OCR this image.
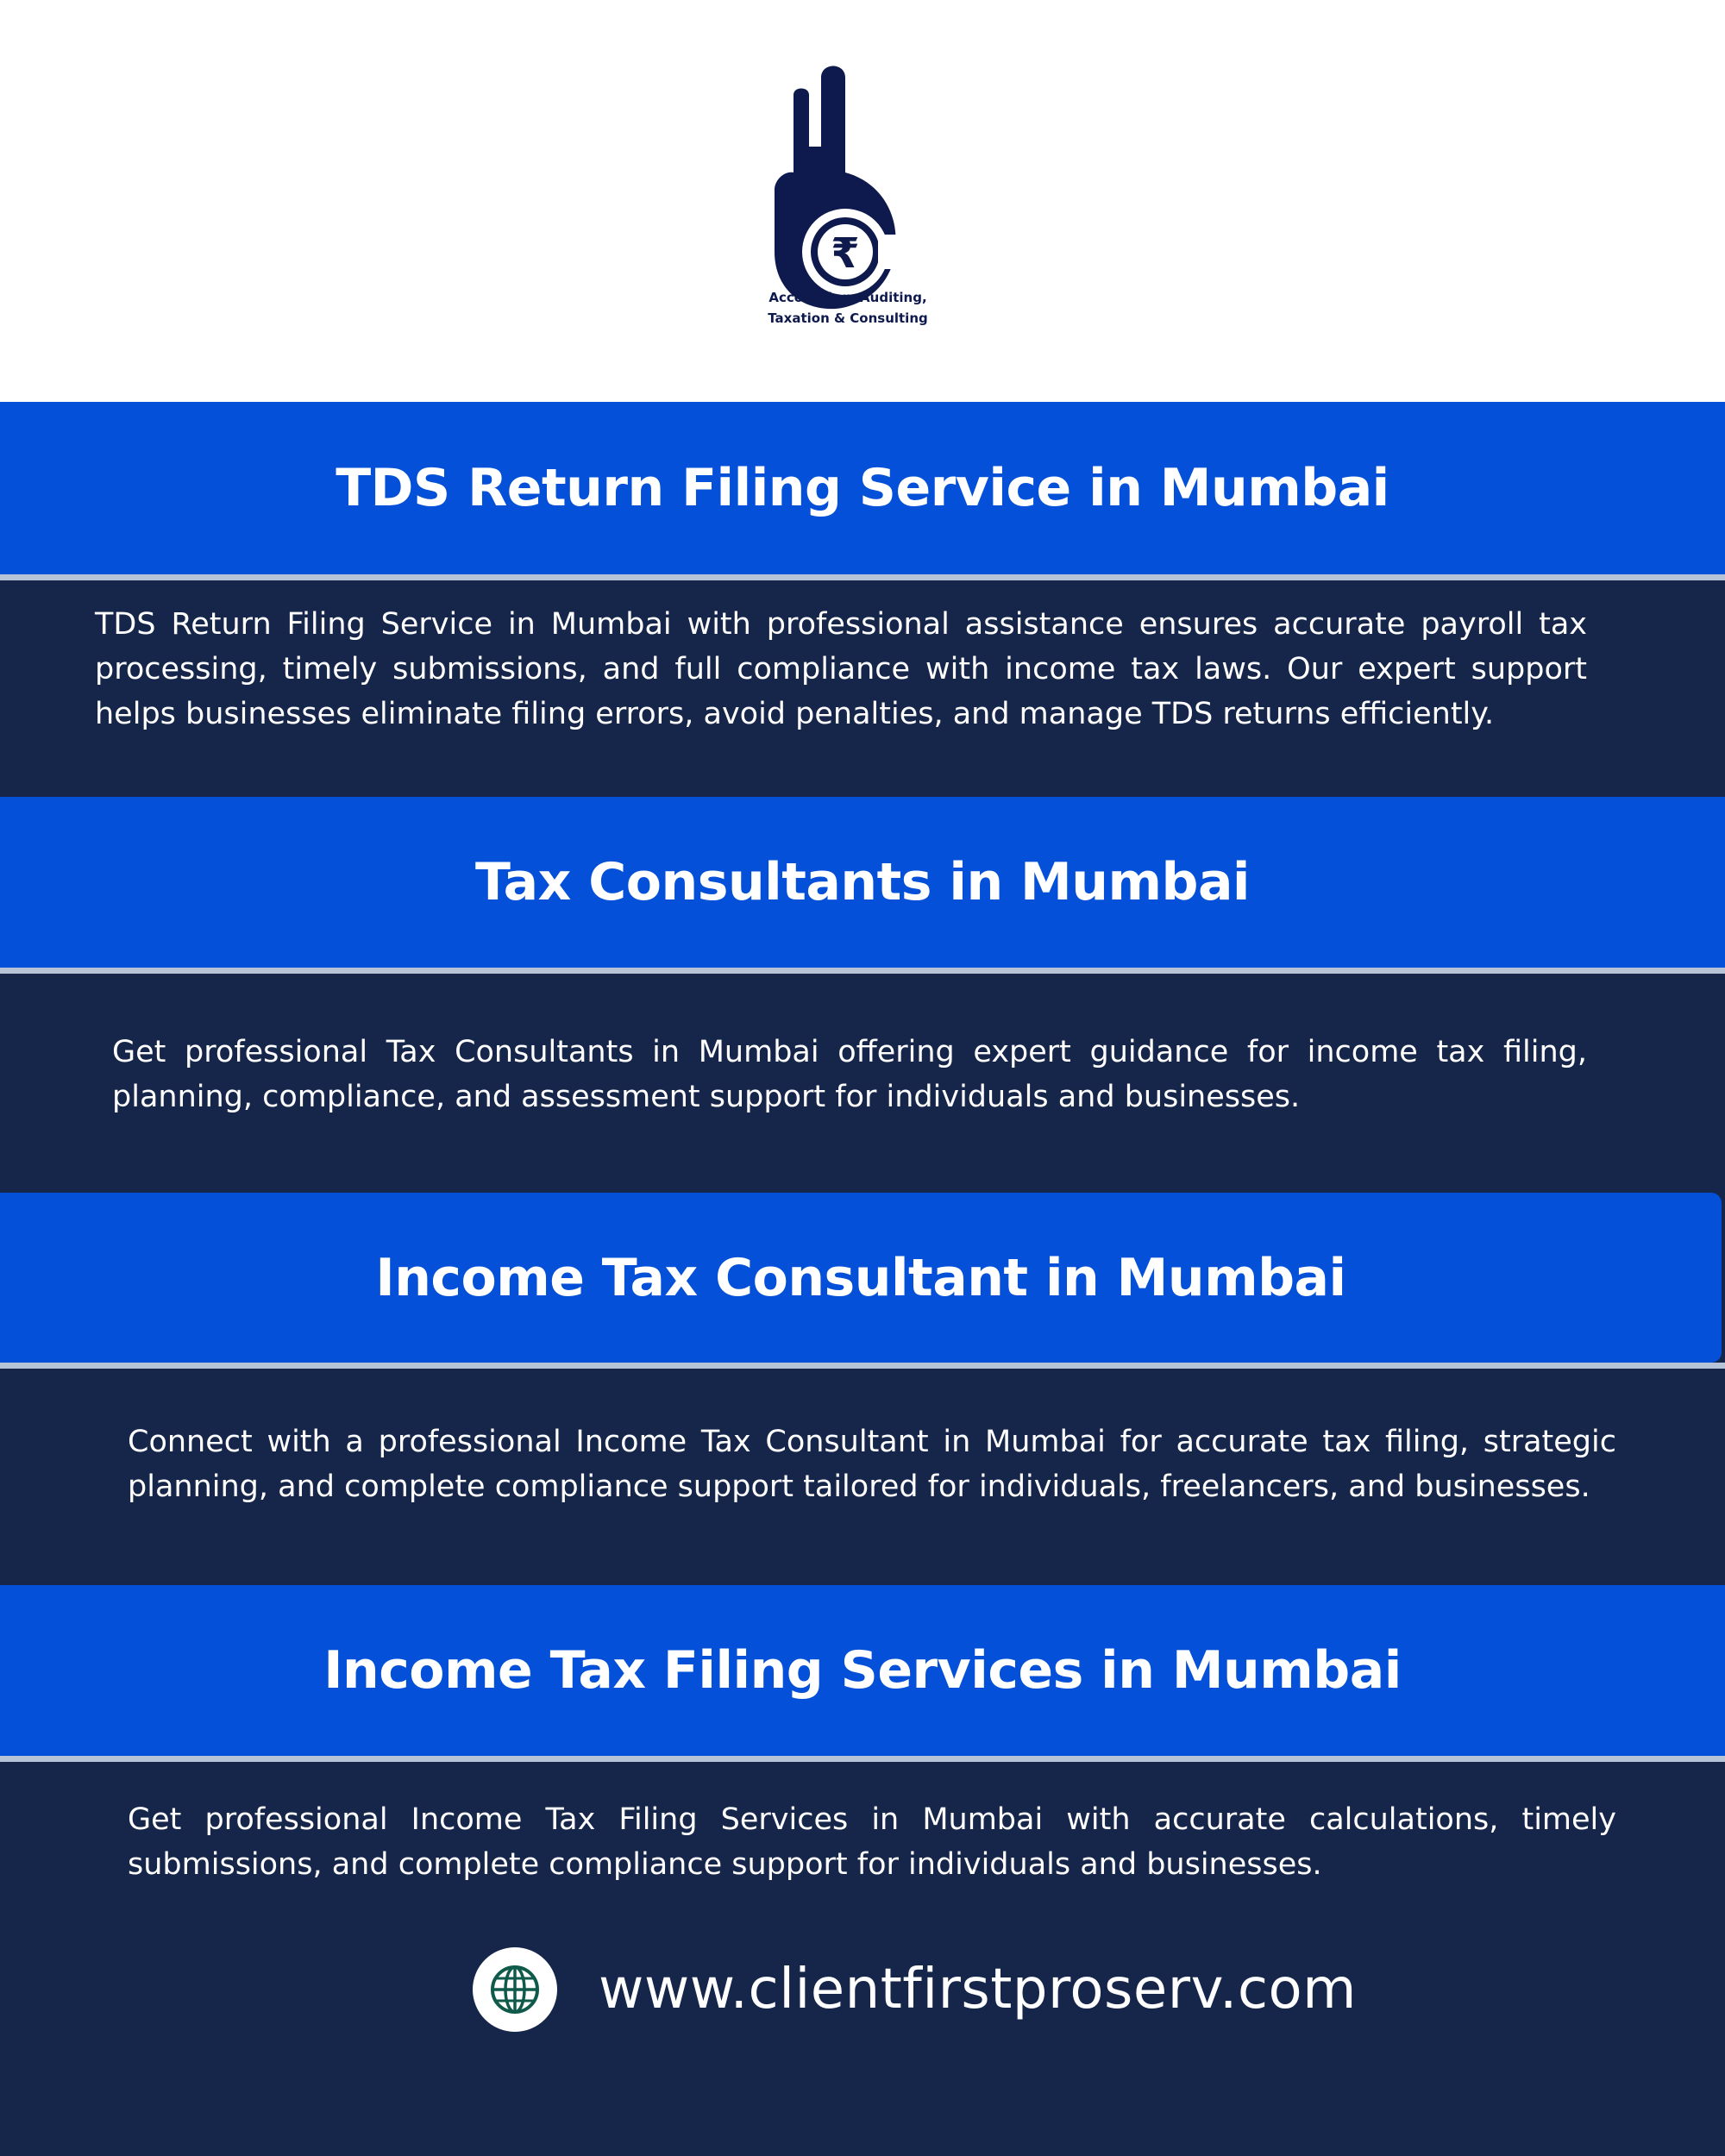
₹
Accounting, Auditing,
Taxation & Consulting
TDS Return Filing Service in Mumbai

TDS Return Filing Service in Mumbai with professional assistance ensures accurate payroll tax processing, timely submissions, and full compliance with income tax laws. Our expert support helps businesses eliminate filing errors, avoid penalties, and manage TDS returns efficiently.

Tax Consultants in Mumbai

Get professional Tax Consultants in Mumbai offering expert guidance for income tax filing, planning, compliance, and assessment support for individuals and businesses.

Income Tax Consultant in Mumbai

Connect with a professional Income Tax Consultant in Mumbai for accurate tax filing, strategic planning, and complete compliance support tailored for individuals, freelancers, and businesses.

Income Tax Filing Services in Mumbai

Get professional Income Tax Filing Services in Mumbai with accurate calculations, timely submissions, and complete compliance support for individuals and businesses.

www.clientfirstproserv.com
